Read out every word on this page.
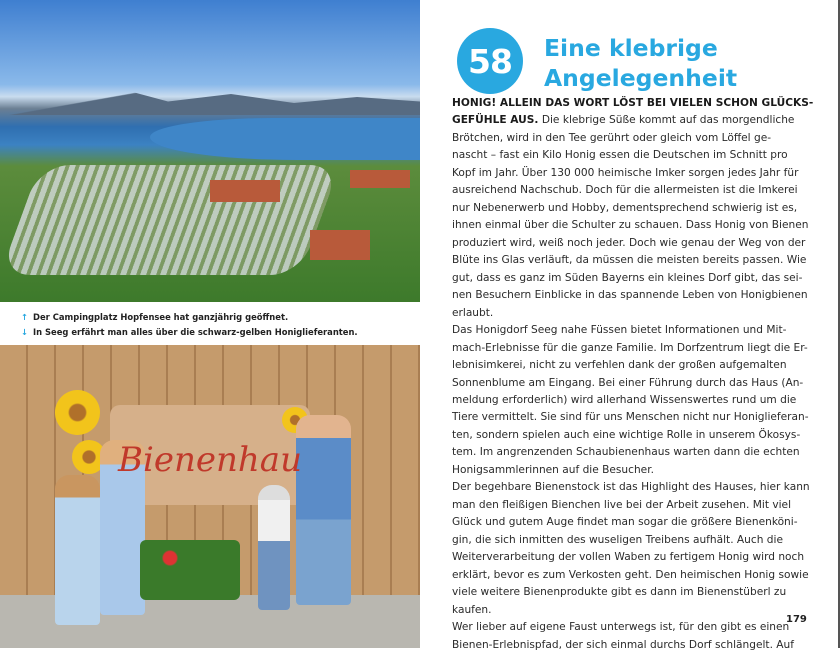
↑ Der Campingplatz Hopfensee hat ganzjährig geöffnet.
↓ In Seeg erfährt man alles über die schwarz-gelben Honiglieferanten.
Bienenhau
58	Eine klebrige
Angelegenheit
HONIG! ALLEIN DAS WORT LÖST BEI VIELEN SCHON GLÜCKS-
GEFÜHLE AUS. Die klebrige Süße kommt auf das morgendliche
Brötchen, wird in den Tee gerührt oder gleich vom Löffel ge-
nascht – fast ein Kilo Honig essen die Deutschen im Schnitt pro
Kopf im Jahr. Über 130 000 heimische Imker sorgen jedes Jahr für
ausreichend Nachschub. Doch für die allermeisten ist die Imkerei
nur Nebenerwerb und Hobby, dementsprechend schwierig ist es,
ihnen einmal über die Schulter zu schauen. Dass Honig von Bienen
produziert wird, weiß noch jeder. Doch wie genau der Weg von der
Blüte ins Glas verläuft, da müssen die meisten bereits passen. Wie
gut, dass es ganz im Süden Bayerns ein kleines Dorf gibt, das sei-
nen Besuchern Einblicke in das spannende Leben von Honigbienen
erlaubt.
Das Honigdorf Seeg nahe Füssen bietet Informationen und Mit-
mach-Erlebnisse für die ganze Familie. Im Dorfzentrum liegt die Er-
lebnisimkerei, nicht zu verfehlen dank der großen aufgemalten
Sonnenblume am Eingang. Bei einer Führung durch das Haus (An-
meldung erforderlich) wird allerhand Wissenswertes rund um die
Tiere vermittelt. Sie sind für uns Menschen nicht nur Honiglieferan-
ten, sondern spielen auch eine wichtige Rolle in unserem Ökosys-
tem. Im angrenzenden Schaubienenhaus warten dann die echten
Honigsammlerinnen auf die Besucher.
Der begehbare Bienenstock ist das Highlight des Hauses, hier kann
man den fleißigen Bienchen live bei der Arbeit zusehen. Mit viel
Glück und gutem Auge findet man sogar die größere Bienenköni-
gin, die sich inmitten des wuseligen Treibens aufhält. Auch die
Weiterverarbeitung der vollen Waben zu fertigem Honig wird noch
erklärt, bevor es zum Verkosten geht. Den heimischen Honig sowie
viele weitere Bienenprodukte gibt es dann im Bienenstüberl zu
kaufen.
Wer lieber auf eigene Faust unterwegs ist, für den gibt es einen
Bienen-Erlebnispfad, der sich einmal durchs Dorf schlängelt. Auf
179
